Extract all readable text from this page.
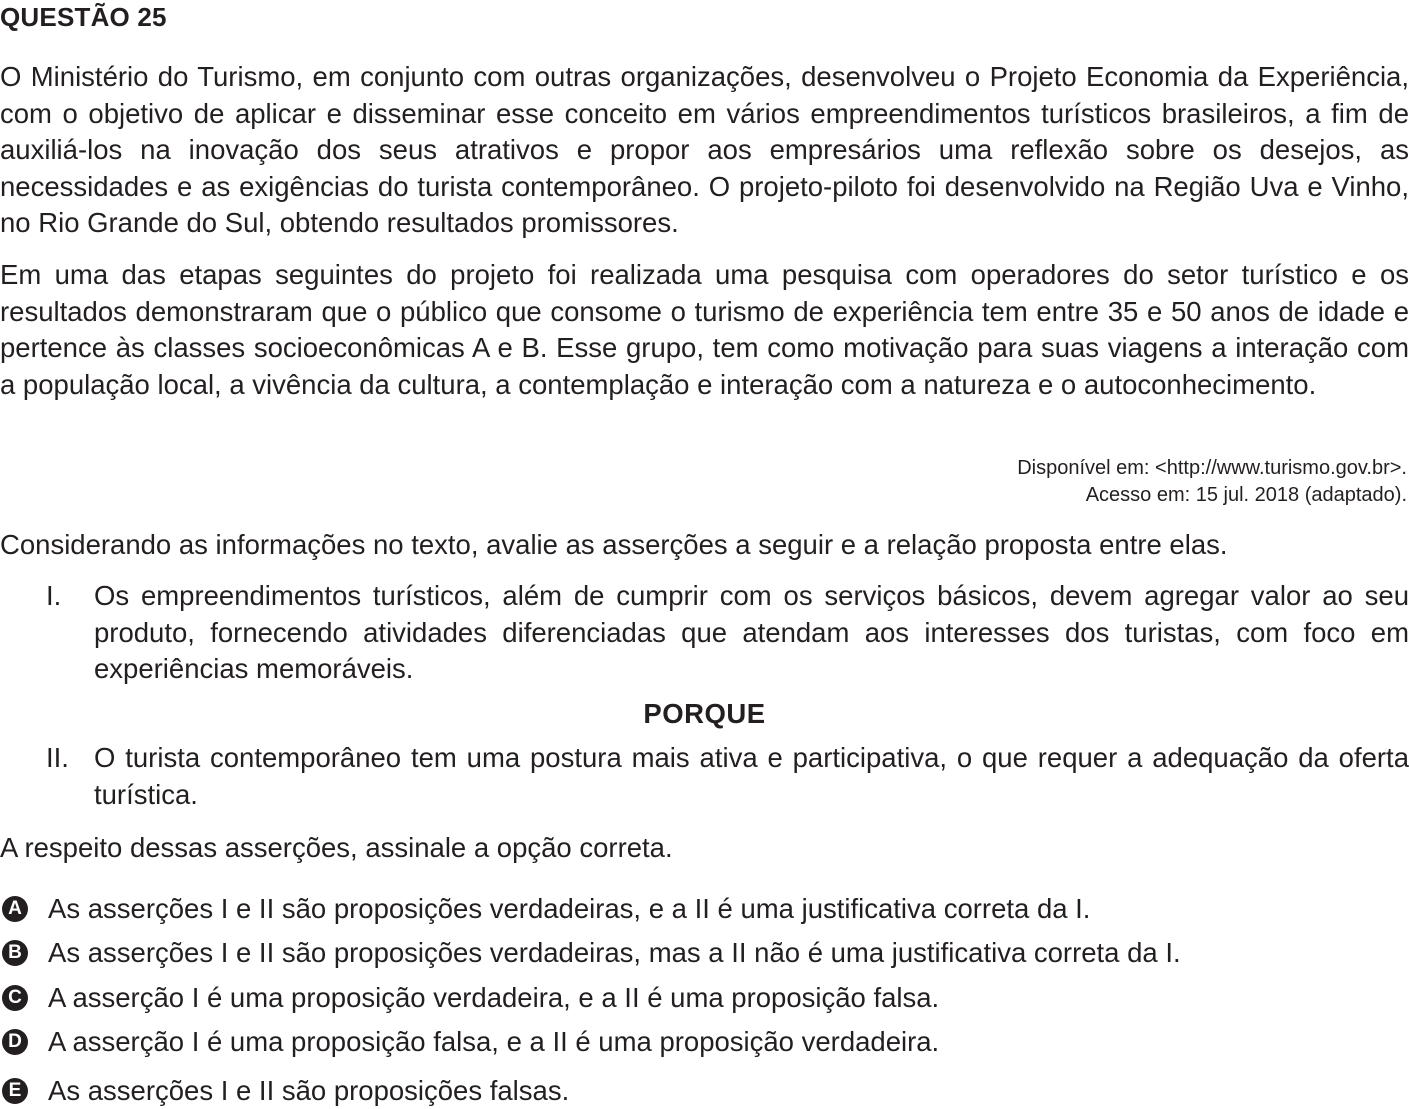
QUESTÃO 25

O Ministério do Turismo, em conjunto com outras organizações, desenvolveu o Projeto Economia da Experiência, com o objetivo de aplicar e disseminar esse conceito em vários empreendimentos turísticos brasileiros, a fim de auxiliá-los na inovação dos seus atrativos e propor aos empresários uma reflexão sobre os desejos, as necessidades e as exigências do turista contemporâneo. O projeto-piloto foi desenvolvido na Região Uva e Vinho, no Rio Grande do Sul, obtendo resultados promissores.

Em uma das etapas seguintes do projeto foi realizada uma pesquisa com operadores do setor turístico e os resultados demonstraram que o público que consome o turismo de experiência tem entre 35 e 50 anos de idade e pertence às classes socioeconômicas A e B. Esse grupo, tem como motivação para suas viagens a interação com a população local, a vivência da cultura, a contemplação e interação com a natureza e o autoconhecimento.

Disponível em: <http://www.turismo.gov.br>.
Acesso em: 15 jul. 2018 (adaptado).
Considerando as informações no texto, avalie as asserções a seguir e a relação proposta entre elas.
I. Os empreendimentos turísticos, além de cumprir com os serviços básicos, devem agregar valor ao seu produto, fornecendo atividades diferenciadas que atendam aos interesses dos turistas, com foco em experiências memoráveis.
PORQUE
II. O turista contemporâneo tem uma postura mais ativa e participativa, o que requer a adequação da oferta turística.
A respeito dessas asserções, assinale a opção correta.
A As asserções I e II são proposições verdadeiras, e a II é uma justificativa correta da I.
B As asserções I e II são proposições verdadeiras, mas a II não é uma justificativa correta da I.
C A asserção I é uma proposição verdadeira, e a II é uma proposição falsa.
D A asserção I é uma proposição falsa, e a II é uma proposição verdadeira.
E As asserções I e II são proposições falsas.
